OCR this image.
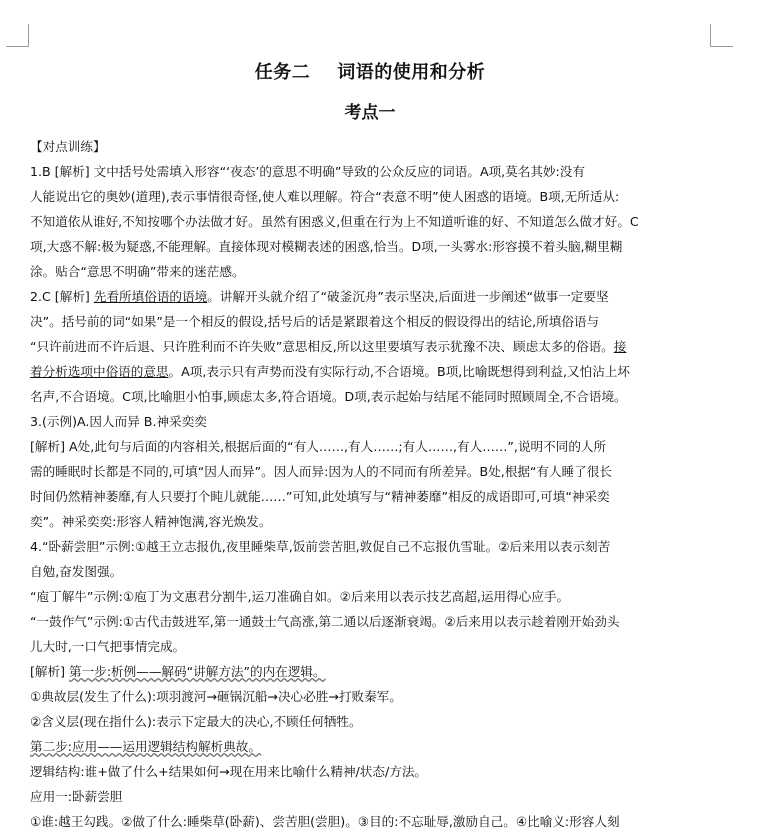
任务二    词语的使用和分析
考点一
【对点训练】
1.B [解析] 文中括号处需填入形容“‘夜态’的意思不明确”导致的公众反应的词语。A项,莫名其妙:没有
人能说出它的奥妙(道理),表示事情很奇怪,使人难以理解。符合“表意不明”使人困惑的语境。B项,无所适从:
不知道依从谁好,不知按哪个办法做才好。虽然有困惑义,但重在行为上不知道听谁的好、不知道怎么做才好。C
项,大惑不解:极为疑惑,不能理解。直接体现对模糊表述的困惑,恰当。D项,一头雾水:形容摸不着头脑,糊里糊
涂。贴合“意思不明确”带来的迷茫感。
2.C [解析] 先看所填俗语的语境。讲解开头就介绍了“破釜沉舟”表示坚决,后面进一步阐述“做事一定要坚
决”。括号前的词“如果”是一个相反的假设,括号后的话是紧跟着这个相反的假设得出的结论,所填俗语与
“只许前进而不许后退、只许胜利而不许失败”意思相反,所以这里要填写表示犹豫不决、顾虑太多的俗语。接
着分析选项中俗语的意思。A项,表示只有声势而没有实际行动,不合语境。B项,比喻既想得到利益,又怕沾上坏
名声,不合语境。C项,比喻胆小怕事,顾虑太多,符合语境。D项,表示起始与结尾不能同时照顾周全,不合语境。
3.(示例)A.因人而异 B.神采奕奕
[解析] A处,此句与后面的内容相关,根据后面的“有人……,有人……;有人……,有人……”,说明不同的人所
需的睡眠时长都是不同的,可填“因人而异”。因人而异:因为人的不同而有所差异。B处,根据“有人睡了很长
时间仍然精神萎靡,有人只要打个盹儿就能……”可知,此处填写与“精神萎靡”相反的成语即可,可填“神采奕
奕”。神采奕奕:形容人精神饱满,容光焕发。
4.“卧薪尝胆”示例:①越王立志报仇,夜里睡柴草,饭前尝苦胆,敦促自己不忘报仇雪耻。②后来用以表示刻苦
自勉,奋发图强。
“庖丁解牛”示例:①庖丁为文惠君分割牛,运刀准确自如。②后来用以表示技艺高超,运用得心应手。
“一鼓作气”示例:①古代击鼓进军,第一通鼓士气高涨,第二通以后逐渐衰竭。②后来用以表示趁着刚开始劲头
儿大时,一口气把事情完成。
[解析] 第一步:析例——解码“讲解方法”的内在逻辑。
①典故层(发生了什么):项羽渡河→砸锅沉船→决心必胜→打败秦军。
②含义层(现在指什么):表示下定最大的决心,不顾任何牺牲。
第二步:应用——运用逻辑结构解析典故。
逻辑结构:谁+做了什么+结果如何→现在用来比喻什么精神/状态/方法。
应用一:卧薪尝胆
①谁:越王勾践。②做了什么:睡柴草(卧薪)、尝苦胆(尝胆)。③目的:不忘耻辱,激励自己。④比喻义:形容人刻
